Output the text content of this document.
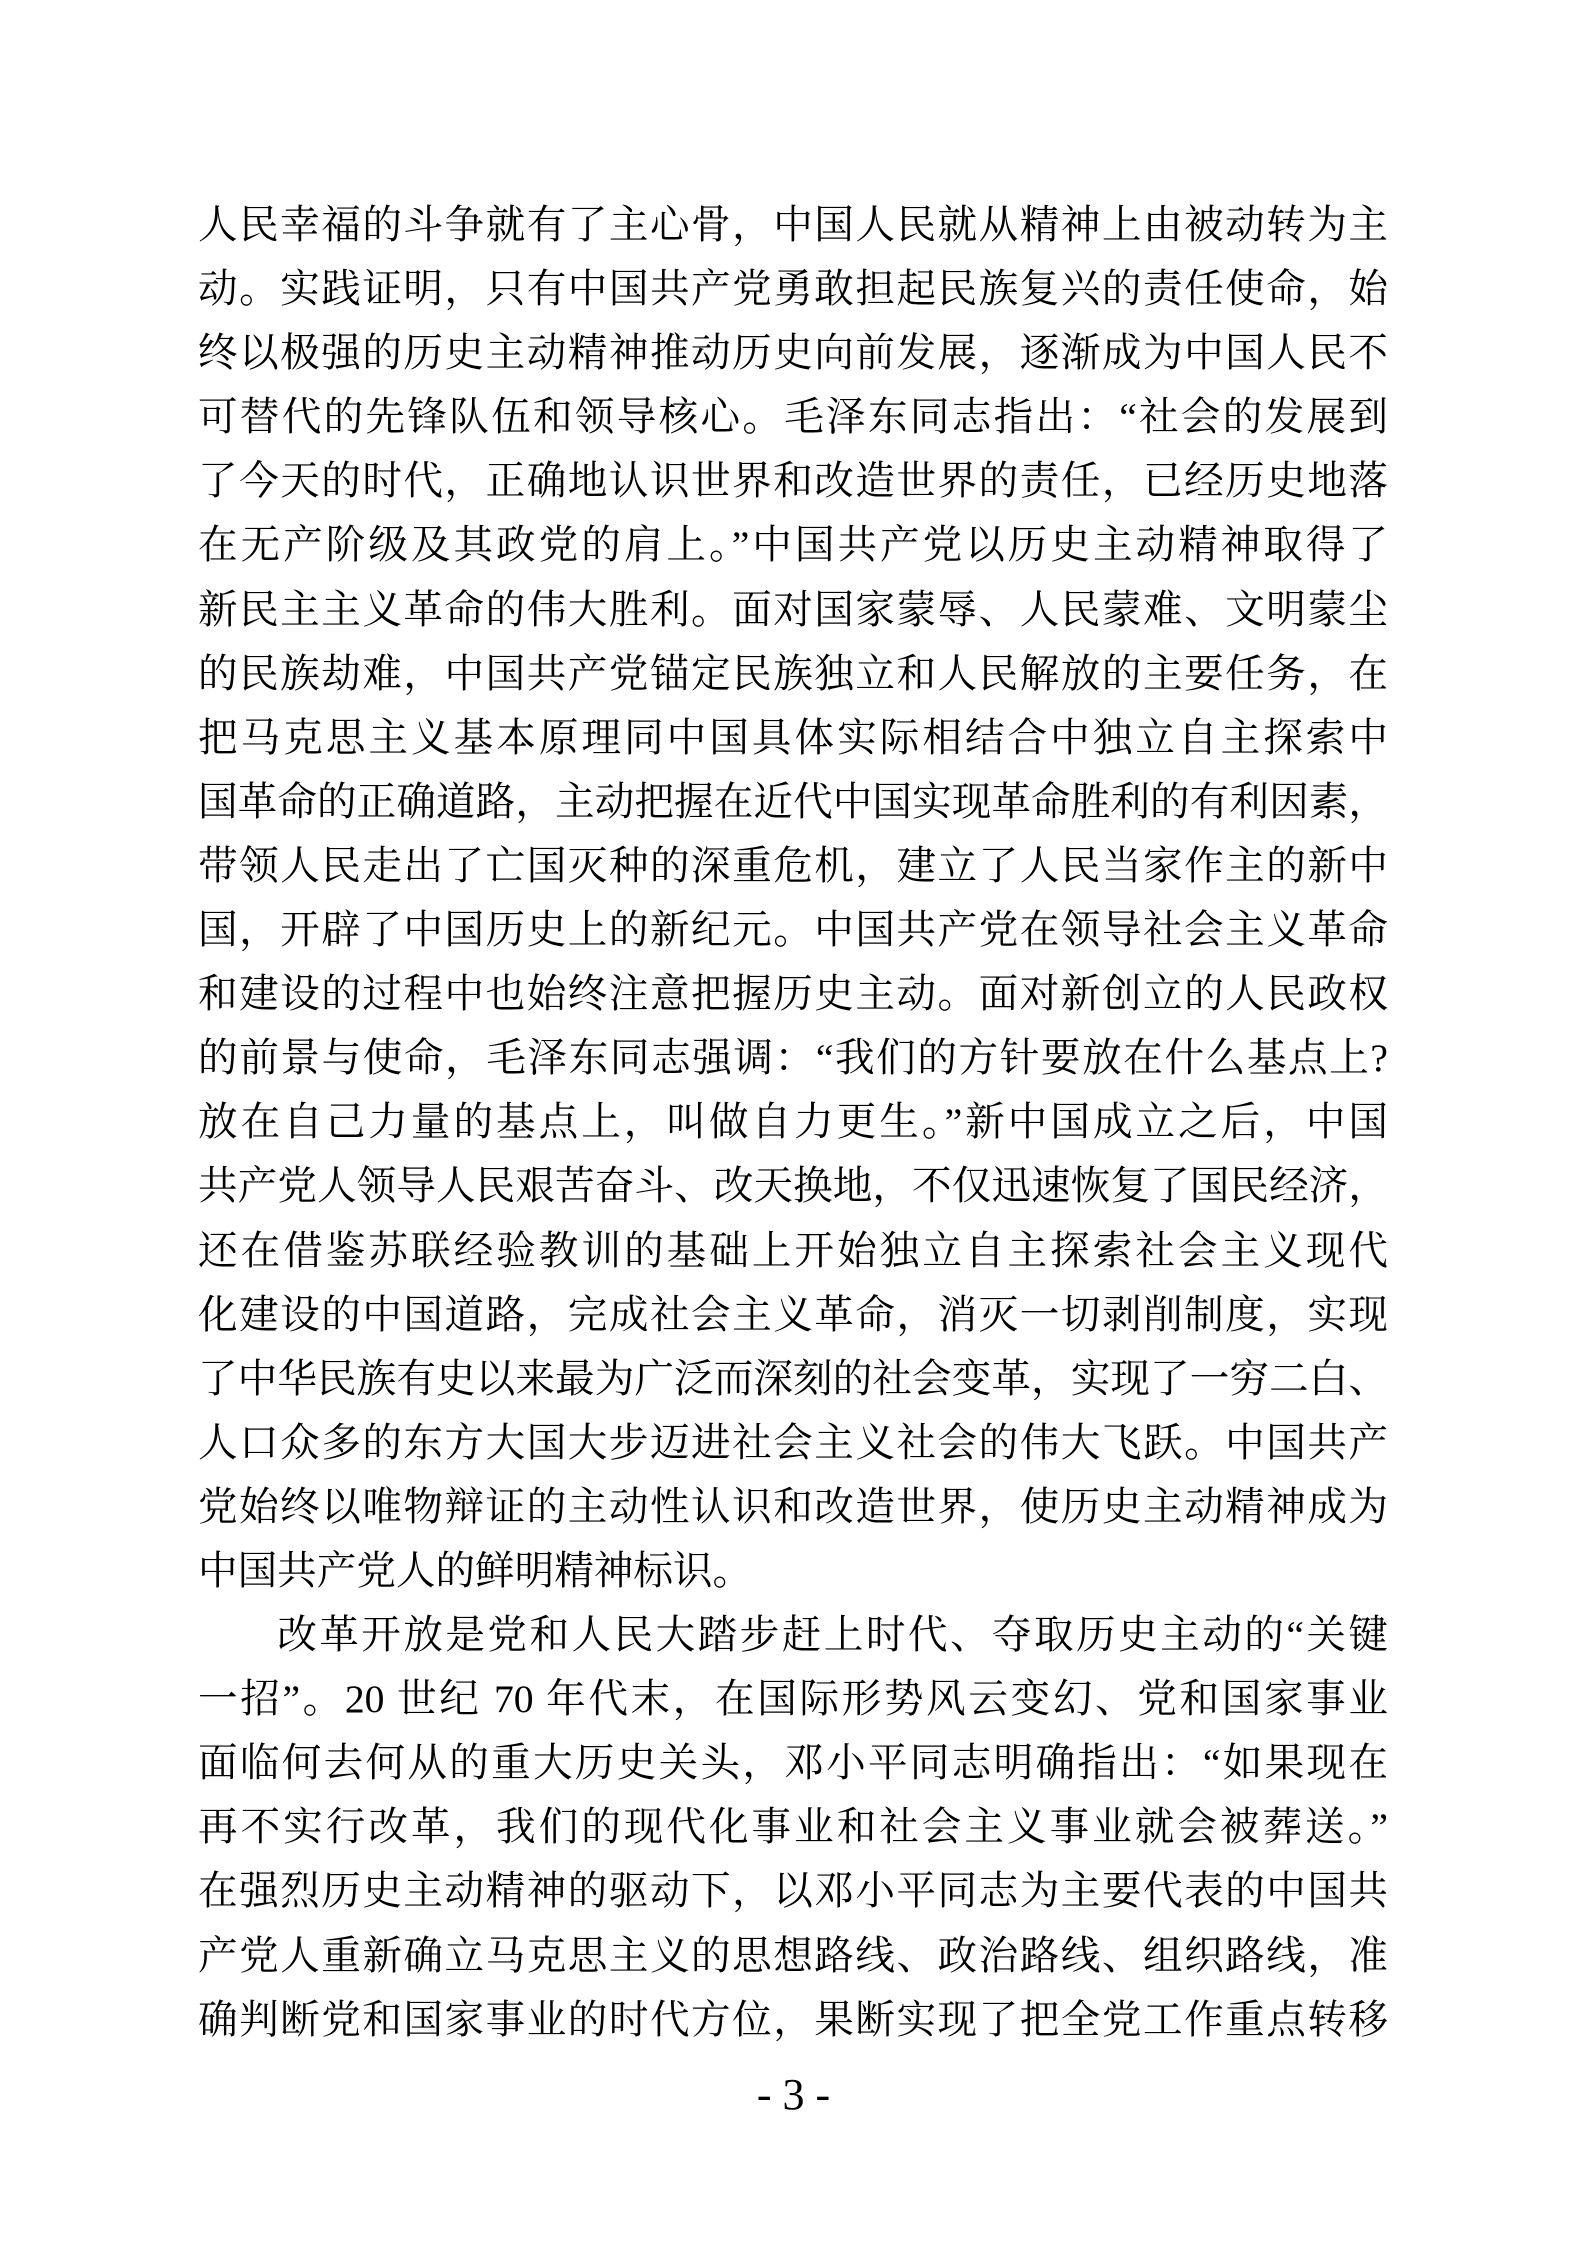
人民幸福的斗争就有了主心骨，中国人民就从精神上由被动转为主
动。实践证明，只有中国共产党勇敢担起民族复兴的责任使命，始
终以极强的历史主动精神推动历史向前发展，逐渐成为中国人民不
可替代的先锋队伍和领导核心。毛泽东同志指出：“社会的发展到
了今天的时代，正确地认识世界和改造世界的责任，已经历史地落
在无产阶级及其政党的肩上。”中国共产党以历史主动精神取得了
新民主主义革命的伟大胜利。面对国家蒙辱、人民蒙难、文明蒙尘
的民族劫难，中国共产党锚定民族独立和人民解放的主要任务，在
把马克思主义基本原理同中国具体实际相结合中独立自主探索中
国革命的正确道路，主动把握在近代中国实现革命胜利的有利因素，
带领人民走出了亡国灭种的深重危机，建立了人民当家作主的新中
国，开辟了中国历史上的新纪元。中国共产党在领导社会主义革命
和建设的过程中也始终注意把握历史主动。面对新创立的人民政权
的前景与使命，毛泽东同志强调：“我们的方针要放在什么基点上?
放在自己力量的基点上，叫做自力更生。”新中国成立之后，中国
共产党人领导人民艰苦奋斗、改天换地，不仅迅速恢复了国民经济，
还在借鉴苏联经验教训的基础上开始独立自主探索社会主义现代
化建设的中国道路，完成社会主义革命，消灭一切剥削制度，实现
了中华民族有史以来最为广泛而深刻的社会变革，实现了一穷二白、
人口众多的东方大国大步迈进社会主义社会的伟大飞跃。中国共产
党始终以唯物辩证的主动性认识和改造世界，使历史主动精神成为
中国共产党人的鲜明精神标识。
改革开放是党和人民大踏步赶上时代、夺取历史主动的“关键
一招”。20 世纪 70 年代末，在国际形势风云变幻、党和国家事业
面临何去何从的重大历史关头，邓小平同志明确指出：“如果现在
再不实行改革，我们的现代化事业和社会主义事业就会被葬送。”
在强烈历史主动精神的驱动下，以邓小平同志为主要代表的中国共
产党人重新确立马克思主义的思想路线、政治路线、组织路线，准
确判断党和国家事业的时代方位，果断实现了把全党工作重点转移
- 3 -
